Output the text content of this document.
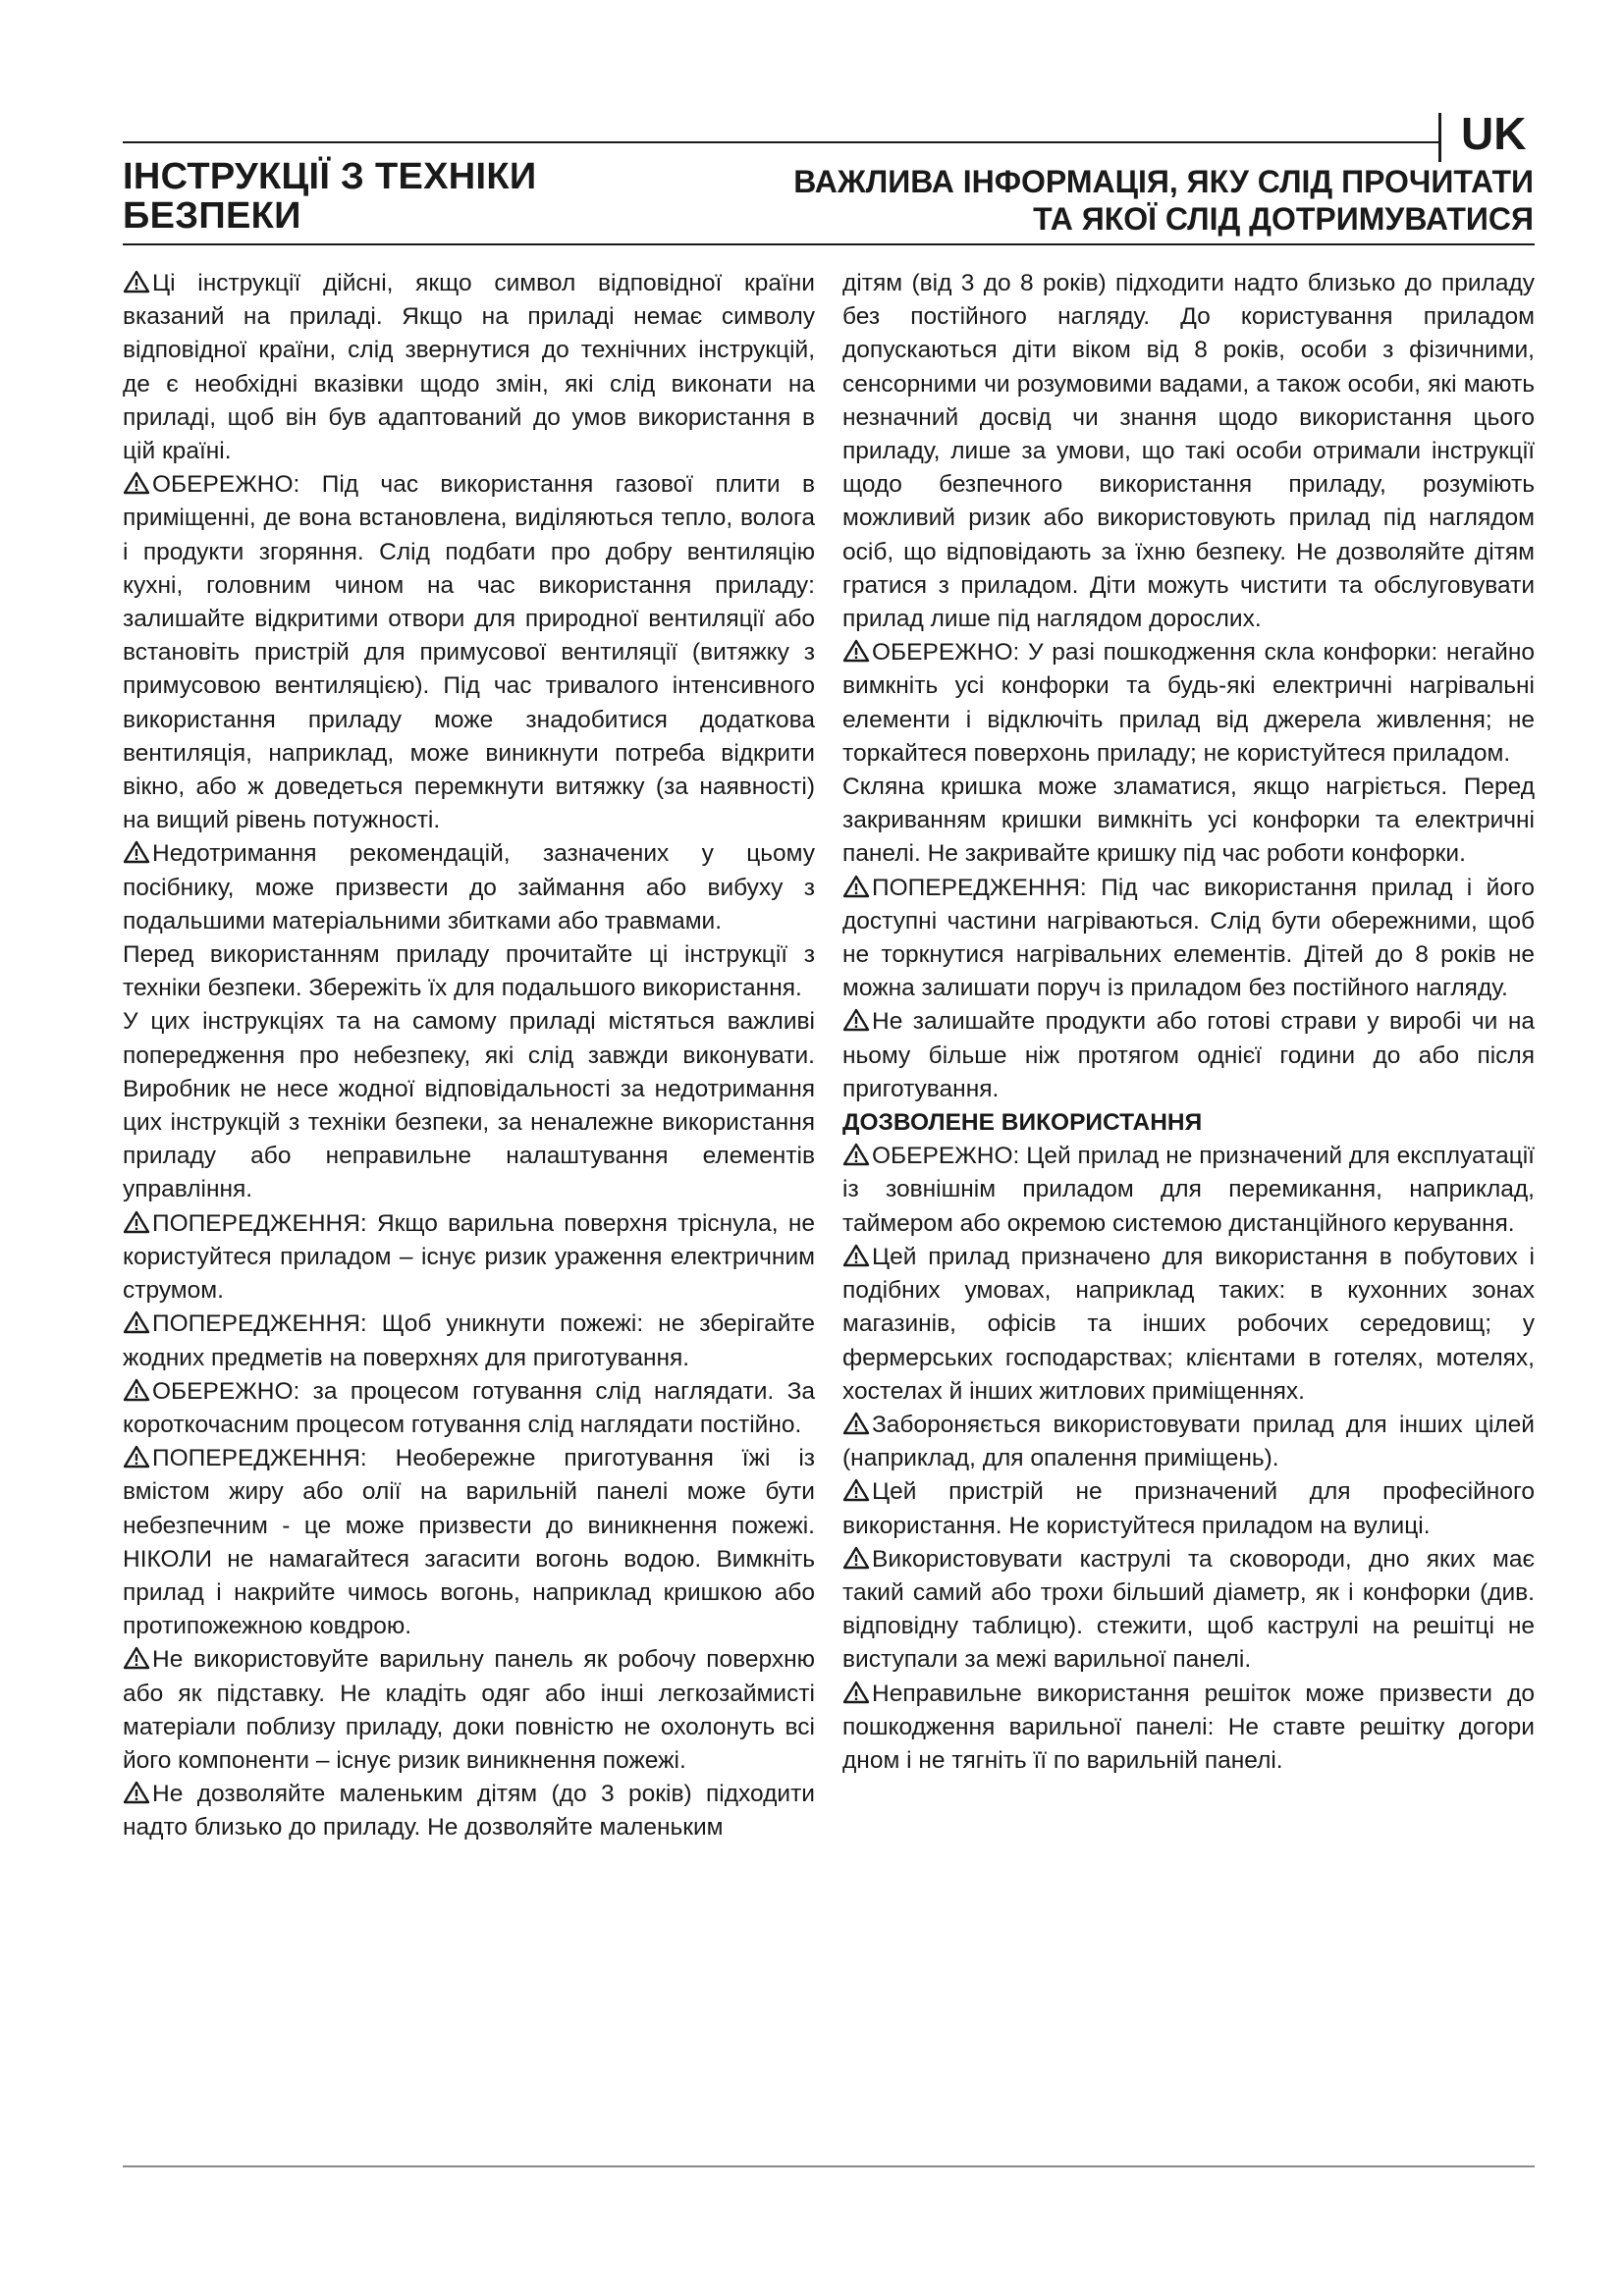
UK
ІНСТРУКЦІЇ З ТЕХНІКИ БЕЗПЕКИ
ВАЖЛИВА ІНФОРМАЦІЯ, ЯКУ СЛІД ПРОЧИТАТИ
ТА ЯКОЇ СЛІД ДОТРИМУВАТИСЯ

Ці інструкції дійсні, якщо символ відповідної країни вказаний на приладі. Якщо на приладі немає символу відповідної країни, слід звернутися до технічних інструкцій, де є необхідні вказівки щодо змін, які слід виконати на приладі, щоб він був адаптований до умов використання в цій країні.

ОБЕРЕЖНО: Під час використання газової плити в приміщенні, де вона встановлена, виділяються тепло, волога і продукти згоряння. Слід подбати про добру вентиляцію кухні, головним чином на час використання приладу: залишайте відкритими отвори для природної вентиляції або встановіть пристрій для примусової вентиляції (витяжку з примусовою вентиляцією). Під час тривалого інтенсивного використання приладу може знадобитися додаткова вентиляція, наприклад, може виникнути потреба відкрити вікно, або ж доведеться перемкнути витяжку (за наявності) на вищий рівень потужності.

Недотримання рекомендацій, зазначених у цьому посібнику, може призвести до займання або вибуху з подальшими матеріальними збитками або травмами.

Перед використанням приладу прочитайте ці інструкції з техніки безпеки. Збережіть їх для подальшого використання.

У цих інструкціях та на самому приладі містяться важливі попередження про небезпеку, які слід завжди виконувати. Виробник не несе жодної відповідальності за недотримання цих інструкцій з техніки безпеки, за неналежне використання приладу або неправильне налаштування елементів управління.

ПОПЕРЕДЖЕННЯ: Якщо варильна поверхня тріснула, не користуйтеся приладом – існує ризик ураження електричним струмом.

ПОПЕРЕДЖЕННЯ: Щоб уникнути пожежі: не зберігайте жодних предметів на поверхнях для приготування.

ОБЕРЕЖНО: за процесом готування слід наглядати. За короткочасним процесом готування слід наглядати постійно.

ПОПЕРЕДЖЕННЯ: Необережне приготування їжі із вмістом жиру або олії на варильній панелі може бути небезпечним - це може призвести до виникнення пожежі. НІКОЛИ не намагайтеся загасити вогонь водою. Вимкніть прилад і накрийте чимось вогонь, наприклад кришкою або протипожежною ковдрою.

Не використовуйте варильну панель як робочу поверхню або як підставку. Не кладіть одяг або інші легкозаймисті матеріали поблизу приладу, доки повністю не охолонуть всі його компоненти – існує ризик виникнення пожежі.

Не дозволяйте маленьким дітям (до 3 років) підходити надто близько до приладу. Не дозволяйте маленьким

дітям (від 3 до 8 років) підходити надто близько до приладу без постійного нагляду. До користування приладом допускаються діти віком від 8 років, особи з фізичними, сенсорними чи розумовими вадами, а також особи, які мають незначний досвід чи знання щодо використання цього приладу, лише за умови, що такі особи отримали інструкції щодо безпечного використання приладу, розуміють можливий ризик або використовують прилад під наглядом осіб, що відповідають за їхню безпеку. Не дозволяйте дітям гратися з приладом. Діти можуть чистити та обслуговувати прилад лише під наглядом дорослих.

ОБЕРЕЖНО: У разі пошкодження скла конфорки: негайно вимкніть усі конфорки та будь-які електричні нагрівальні елементи і відключіть прилад від джерела живлення; не торкайтеся поверхонь приладу; не користуйтеся приладом.

Скляна кришка може зламатися, якщо нагріється. Перед закриванням кришки вимкніть усі конфорки та електричні панелі. Не закривайте кришку під час роботи конфорки.

ПОПЕРЕДЖЕННЯ: Під час використання прилад і його доступні частини нагріваються. Слід бути обережними, щоб не торкнутися нагрівальних елементів. Дітей до 8 років не можна залишати поруч із приладом без постійного нагляду.

Не залишайте продукти або готові страви у виробі чи на ньому більше ніж протягом однієї години до або після приготування.

ДОЗВОЛЕНЕ ВИКОРИСТАННЯ

ОБЕРЕЖНО: Цей прилад не призначений для експлуатації із зовнішнім приладом для перемикання, наприклад, таймером або окремою системою дистанційного керування.

Цей прилад призначено для використання в побутових і подібних умовах, наприклад таких: в кухонних зонах магазинів, офісів та інших робочих середовищ; у фермерських господарствах; клієнтами в готелях, мотелях, хостелах й інших житлових приміщеннях.

Забороняється використовувати прилад для інших цілей (наприклад, для опалення приміщень).

Цей пристрій не призначений для професійного використання. Не користуйтеся приладом на вулиці.

Використовувати каструлі та сковороди, дно яких має такий самий або трохи більший діаметр, як і конфорки (див. відповідну таблицю). стежити, щоб каструлі на решітці не виступали за межі варильної панелі.

Неправильне використання решіток може призвести до пошкодження варильної панелі: Не ставте решітку догори дном і не тягніть її по варильній панелі.
